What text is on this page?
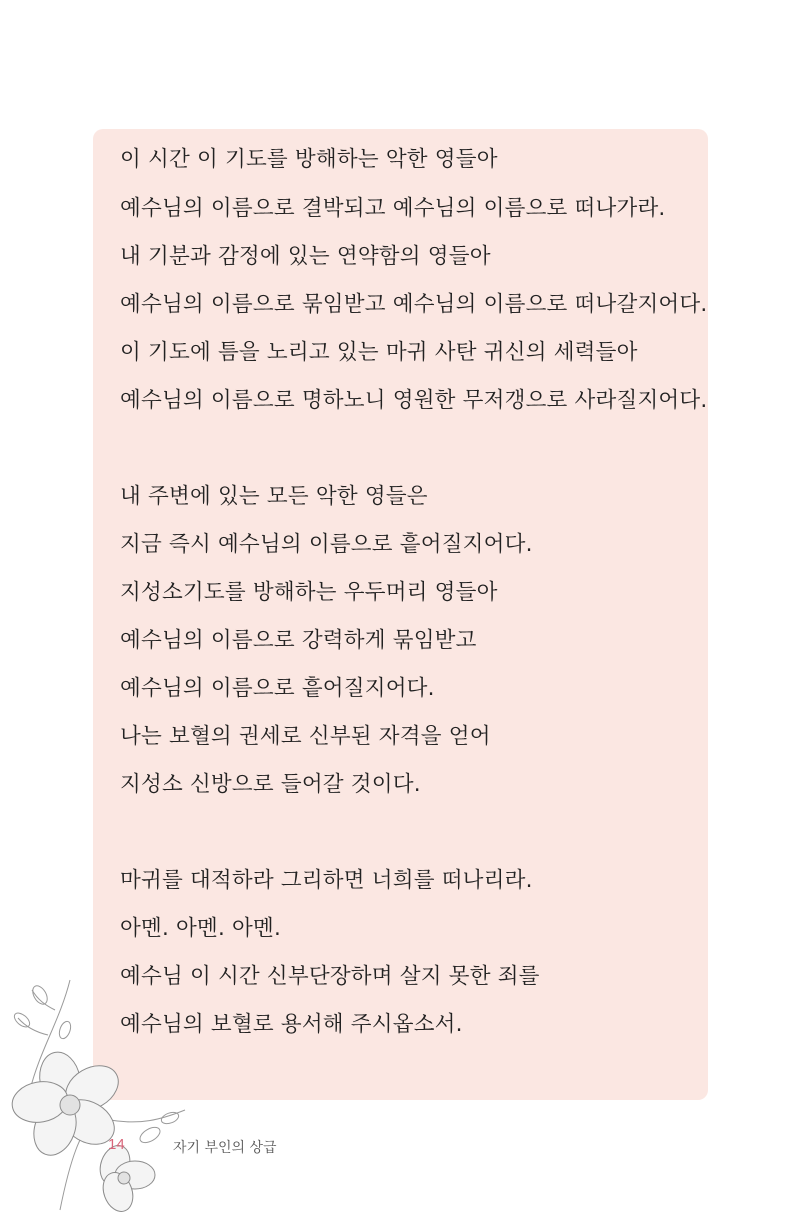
이 시간 이 기도를 방해하는 악한 영들아
예수님의 이름으로 결박되고 예수님의 이름으로 떠나가라.
내 기분과 감정에 있는 연약함의 영들아
예수님의 이름으로 묶임받고 예수님의 이름으로 떠나갈지어다.
이 기도에 틈을 노리고 있는 마귀 사탄 귀신의 세력들아
예수님의 이름으로 명하노니 영원한 무저갱으로 사라질지어다.
내 주변에 있는 모든 악한 영들은
지금 즉시 예수님의 이름으로 흩어질지어다.
지성소기도를 방해하는 우두머리 영들아
예수님의 이름으로 강력하게 묶임받고
예수님의 이름으로 흩어질지어다.
나는 보혈의 권세로 신부된 자격을 얻어
지성소 신방으로 들어갈 것이다.
마귀를 대적하라 그리하면 너희를 떠나리라.
아멘. 아멘. 아멘.
예수님 이 시간 신부단장하며 살지 못한 죄를
예수님의 보혈로 용서해 주시옵소서.
14	자기 부인의 상급
